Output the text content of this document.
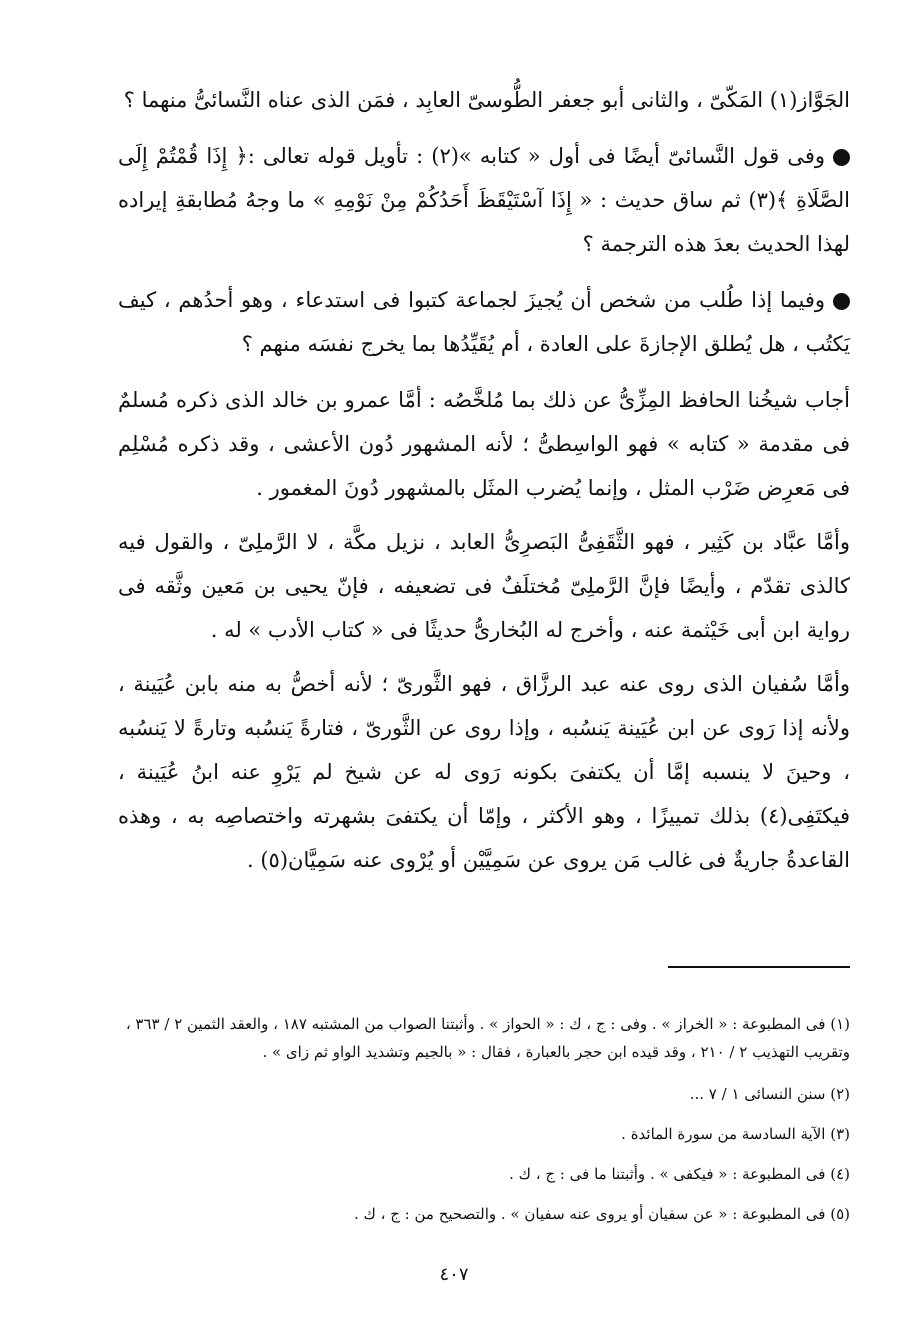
الجَوَّاز(١) المَكّىّ ، والثانى أبو جعفر الطُّوسىّ العابِد ، فمَن الذى عناه النَّسائىُّ منهما ؟

وفى قول النَّسائىّ أيضًا فى أول « كتابه »(٢) : تأويل قوله تعالى :﴿ إِذَا قُمْتُمْ إِلَى الصَّلَاةِ ﴾(٣) ثم ساق حديث : « إِذَا آسْتَيْقَظَ أَحَدُكُمْ مِنْ نَوْمِهِ » ما وجهُ مُطابقةِ إيراده لهذا الحديث بعدَ هذه الترجمة ؟

وفيما إذا طُلب من شخص أن يُجيزَ لجماعة كتبوا فى استدعاء ، وهو أحدُهم ، كيف يَكتُب ، هل يُطلق الإجازةَ على العادة ، أم يُقَيِّدُها بما يخرج نفسَه منهم ؟

أجاب شيخُنا الحافظ المِزِّىُّ عن ذلك بما مُلخَّصُه : أمَّا عمرو بن خالد الذى ذكره مُسلمٌ فى مقدمة « كتابه » فهو الواسِطىُّ ؛ لأنه المشهور دُون الأعشى ، وقد ذكره مُسْلِم فى مَعرِض ضَرْب المثل ، وإنما يُضرب المثَل بالمشهور دُونَ المغمور .

وأمَّا عبَّاد بن كَثِير ، فهو الثَّقَفِىُّ البَصرِىُّ العابد ، نزيل مكَّة ، لا الرَّملِىّ ، والقول فيه كالذى تقدّم ، وأيضًا فإنَّ الرَّملِىّ مُختلَفٌ فى تضعيفه ، فإنّ يحيى بن مَعين وثَّقه فى رواية ابن أبى خَيْثمة عنه ، وأخرج له البُخارىُّ حديثًا فى « كتاب الأدب » له .

وأمَّا سُفيان الذى روى عنه عبد الرزَّاق ، فهو الثَّورىّ ؛ لأنه أخصُّ به منه بابن عُيَينة ، ولأنه إذا رَوى عن ابن عُيَينة يَنسُبه ، وإذا روى عن الثَّورىّ ، فتارةً يَنسُبه وتارةً لا يَنسُبه ، وحينَ لا ينسبه إمَّا أن يكتفىَ بكونه رَوى له عن شيخ لم يَرْوِ عنه ابنُ عُيَينة ، فيكتَفِى(٤) بذلك تمييزًا ، وهو الأكثر ، وإمّا أن يكتفىَ بشهرته واختصاصِه به ، وهذه القاعدةُ جاريةٌ فى غالب مَن يروى عن سَمِيَّيْن أو يُرْوى عنه سَمِيَّان(٥) .

(١) فى المطبوعة : « الخراز » . وفى : ج ، ك : « الحواز » . وأثبتنا الصواب من المشتبه ١٨٧ ، والعقد الثمين ٢ / ٣٦٣ ، وتقريب التهذيب ٢ / ٢١٠ ، وقد قيده ابن حجر بالعبارة ، فقال : « بالجيم وتشديد الواو ثم زاى » .

(٢) سنن النسائى ١ / ٧ ...

(٣) الآية السادسة من سورة المائدة .

(٤) فى المطبوعة : « فيكفى » . وأثبتنا ما فى : ج ، ك .

(٥) فى المطبوعة : « عن سفيان أو يروى عنه سفيان » . والتصحيح من : ج ، ك .

٤٠٧
